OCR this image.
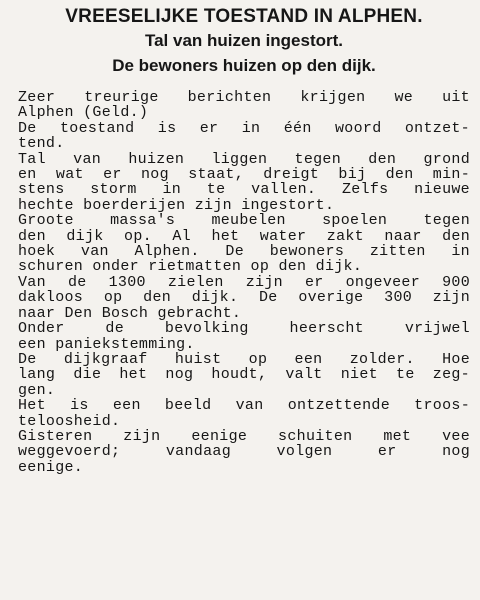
VREESELIJKE TOESTAND IN ALPHEN.
Tal van huizen ingestort.
De bewoners huizen op den dijk.

Zeer treurige berichten krijgen we uit
Alphen (Geld.)

De toestand is er in één woord ontzet-
tend.

Tal van huizen liggen tegen den grond
en wat er nog staat, dreigt bij den min-
stens storm in te vallen. Zelfs nieuwe
hechte boerderijen zijn ingestort.

Groote massa's meubelen spoelen tegen
den dijk op. Al het water zakt naar den
hoek van Alphen. De bewoners zitten in
schuren onder rietmatten op den dijk.

Van de 1300 zielen zijn er ongeveer 900
dakloos op den dijk. De overige 300 zijn
naar Den Bosch gebracht.

Onder de bevolking heerscht vrijwel
een paniekstemming.

De dijkgraaf huist op een zolder. Hoe
lang die het nog houdt, valt niet te zeg-
gen.

Het is een beeld van ontzettende troos-
teloosheid.

Gisteren zijn eenige schuiten met vee
weggevoerd; vandaag volgen er nog
eenige.
